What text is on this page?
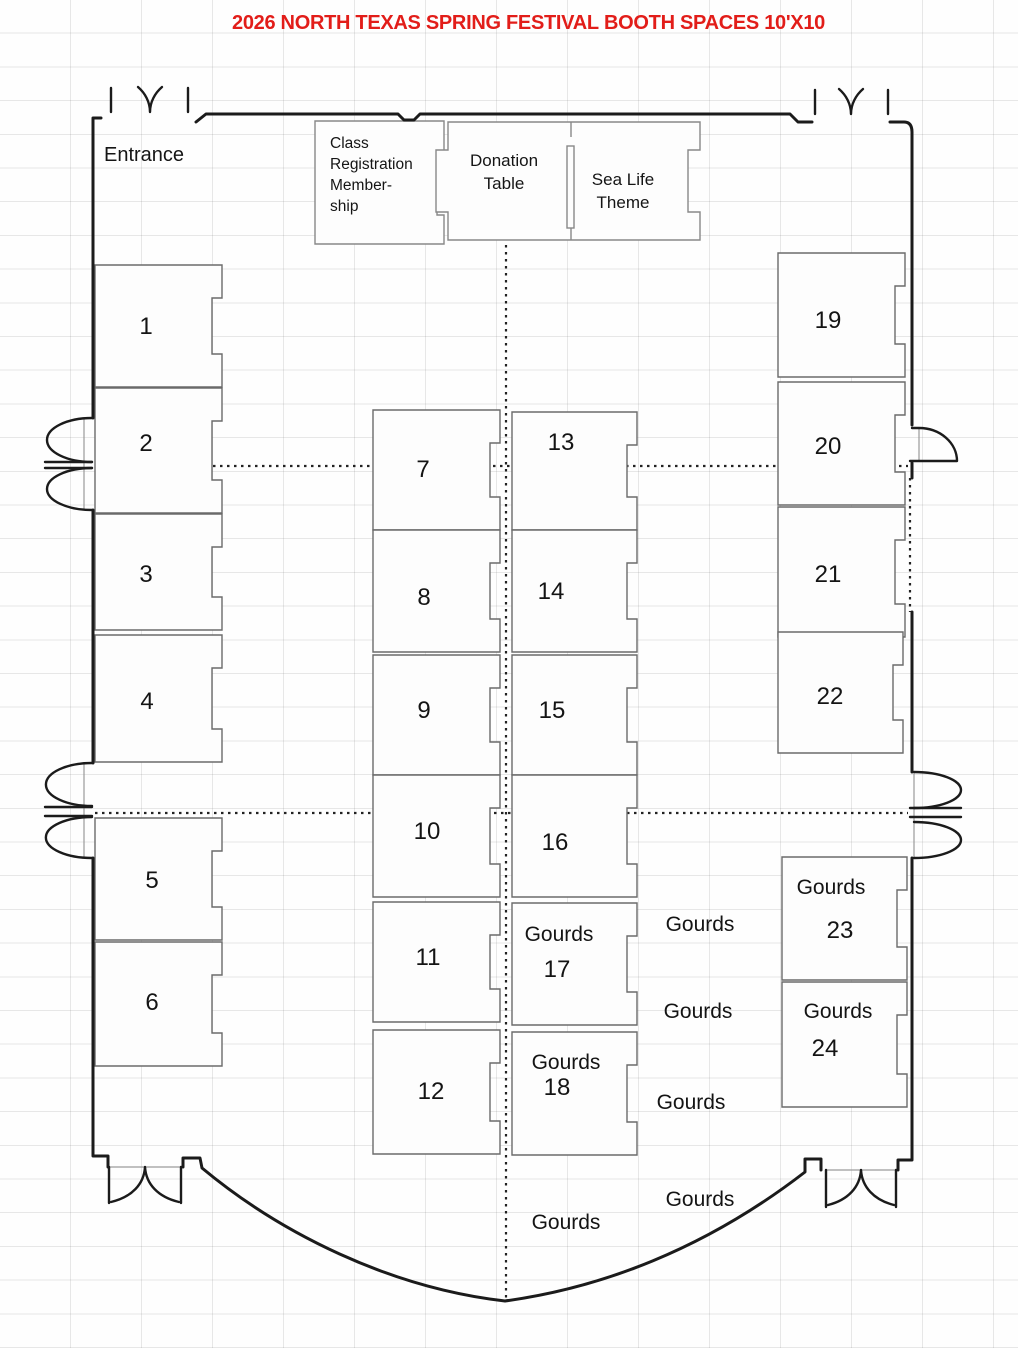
2026 NORTH TEXAS SPRING FESTIVAL BOOTH SPACES 10'X10
Entrance
Class
Registration
Member-
ship
Donation
Table	Sea Life
Theme
1
2
3
4
5
6
7
8
9
10
11
12
13
14
15
16
17
18
19
20
21
22
23
24
Gourds
Gourds
Gourds
Gourds
Gourds
Gourds
Gourds
Gourds
Gourds
